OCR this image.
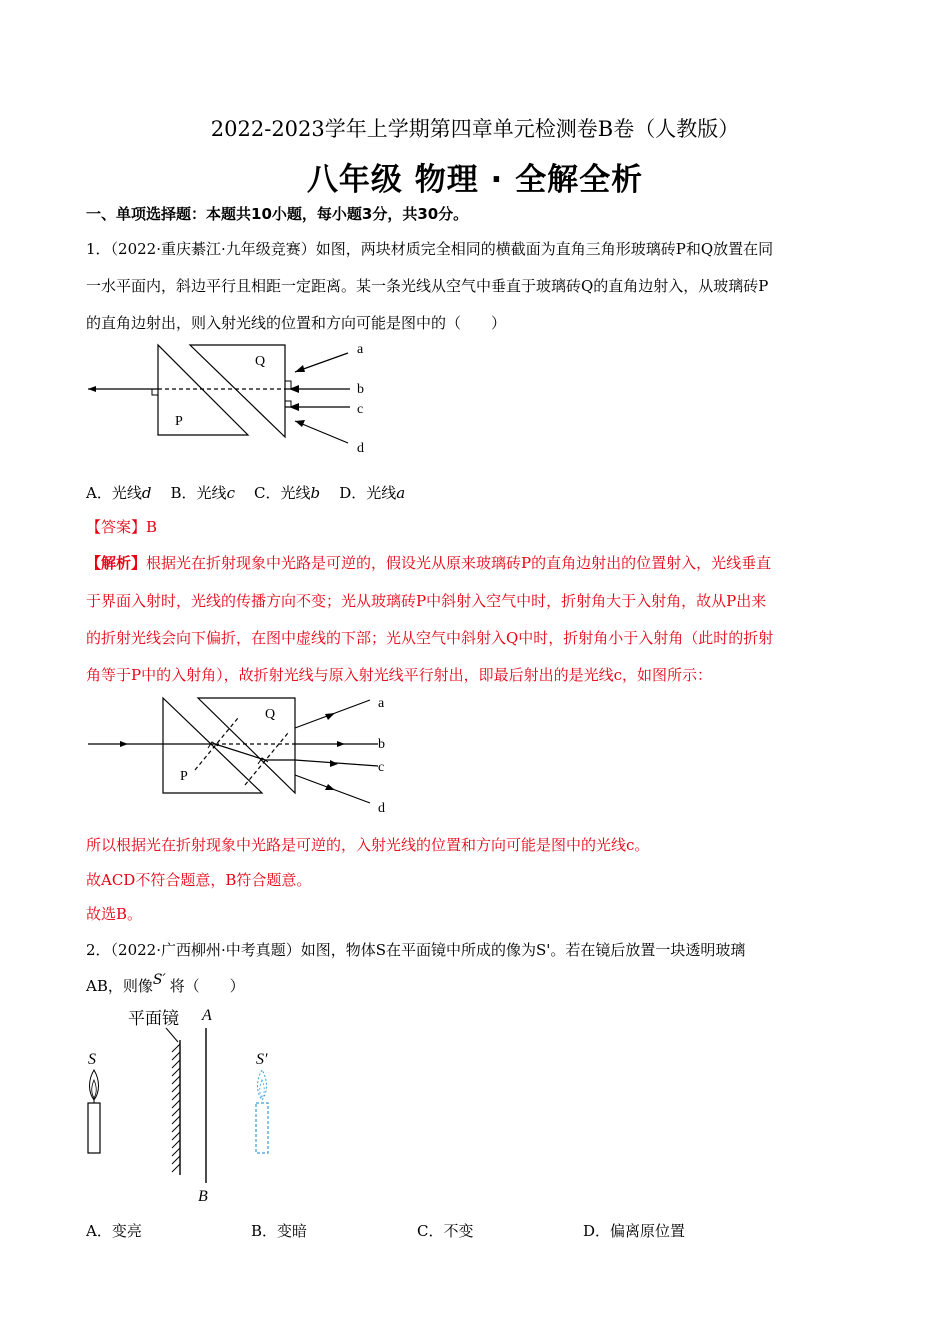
2022-2023学年上学期第四章单元检测卷B卷（人教版）
八年级 物理 · 全解全析
一、单项选择题：本题共10小题，每小题3分，共30分。
1．（2022·重庆綦江·九年级竞赛）如图，两块材质完全相同的横截面为直角三角形玻璃砖P和Q放置在同
一水平面内，斜边平行且相距一定距离。某一条光线从空气中垂直于玻璃砖Q的直角边射入，从玻璃砖P
的直角边射出，则入射光线的位置和方向可能是图中的（　　）
P
Q
a
b
c
d
A．光线d B．光线c C．光线b D．光线a
【答案】B
【解析】根据光在折射现象中光路是可逆的，假设光从原来玻璃砖P的直角边射出的位置射入，光线垂直
于界面入射时，光线的传播方向不变；光从玻璃砖P中斜射入空气中时，折射角大于入射角，故从P出来
的折射光线会向下偏折，在图中虚线的下部；光从空气中斜射入Q中时，折射角小于入射角（此时的折射
角等于P中的入射角），故折射光线与原入射光线平行射出，即最后射出的是光线c，如图所示：
P
Q
a
b
c
d
所以根据光在折射现象中光路是可逆的，入射光线的位置和方向可能是图中的光线c。
故ACD不符合题意，B符合题意。
故选B。
2．（2022·广西柳州·中考真题）如图，物体S在平面镜中所成的像为S'。若在镜后放置一块透明玻璃
AB，则像S′ 将（　　）
平面镜 A
B
S	S′
A．变亮	B．变暗	C．不变	D．偏离原位置
